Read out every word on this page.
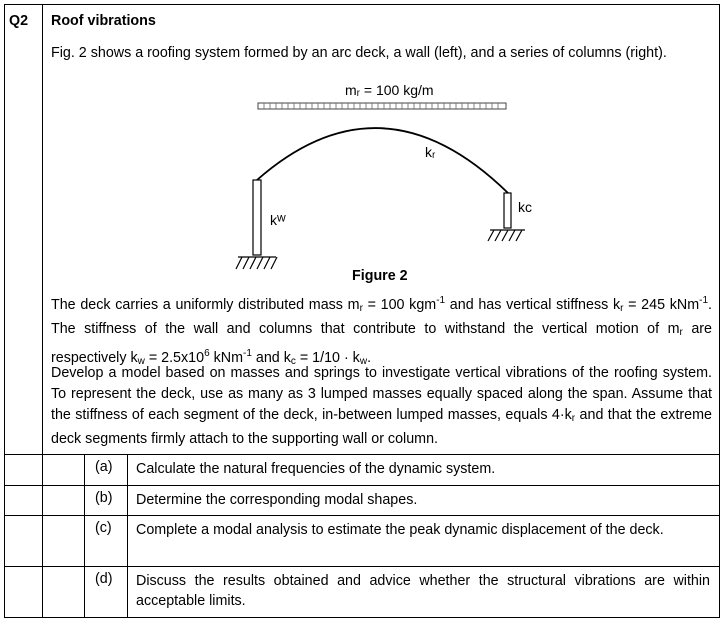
Q2 Roof vibrations
Fig. 2 shows a roofing system formed by an arc deck, a wall (left), and a series of columns (right).
mᵣ = 100 kg/m
kᵣ
kᵂ
kᴄ
Figure 2
The deck carries a uniformly distributed mass $m_r = 100$ kgm$^{-1}$ and has vertical stiffness $k_r = 245$ kNm$^{-1}$. The stiffness of the wall and columns that contribute to withstand the vertical motion of $m_r$ are respectively $k_w = 2.5x10^6$ kNm$^{-1}$ and $k_c = 1/10 \cdot k_w$.
Develop a model based on masses and springs to investigate vertical vibrations of the roofing system. To represent the deck, use as many as 3 lumped masses equally spaced along the span. Assume that the stiffness of each segment of the deck, in-between lumped masses, equals $4\cdot k_r$ and that the extreme deck segments firmly attach to the supporting wall or column.
(a) Calculate the natural frequencies of the dynamic system.
(b) Determine the corresponding modal shapes.
(c) Complete a modal analysis to estimate the peak dynamic displacement of the deck.
(d) Discuss the results obtained and advice whether the structural vibrations are within acceptable limits.
